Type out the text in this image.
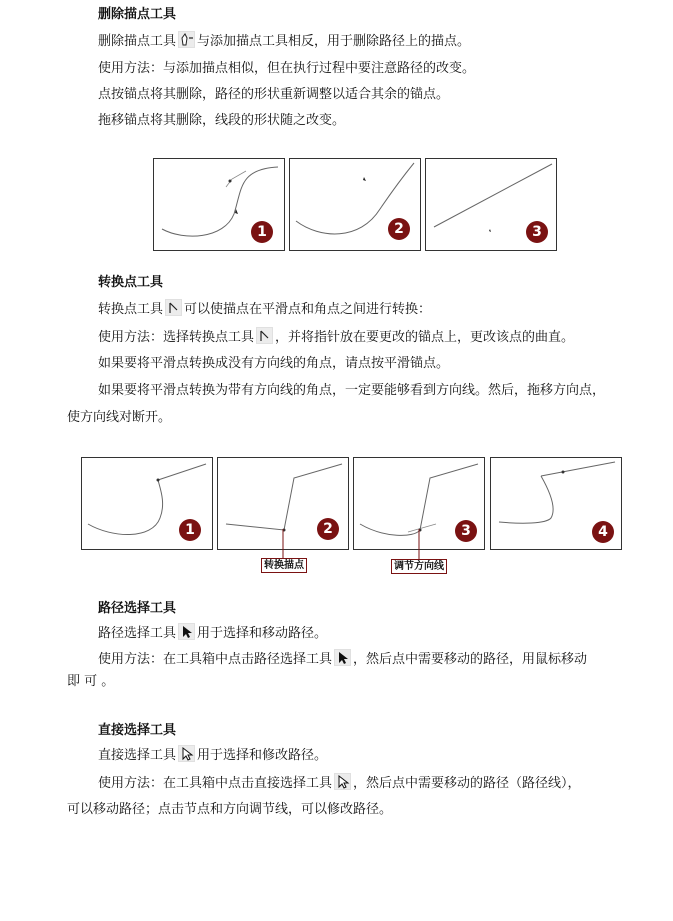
删除描点工具
删除描点工具 与添加描点工具相反，用于删除路径上的描点。
使用方法：与添加描点相似，但在执行过程中要注意路径的改变。
点按锚点将其删除，路径的形状重新调整以适合其余的锚点。
拖移锚点将其删除，线段的形状随之改变。
1	2	3
转换点工具
转换点工具 可以使描点在平滑点和角点之间进行转换：
使用方法：选择转换点工具 ，并将指针放在要更改的锚点上，更改该点的曲直。
如果要将平滑点转换成没有方向线的角点，请点按平滑锚点。
如果要将平滑点转换为带有方向线的角点，一定要能够看到方向线。然后，拖移方向点，
使方向线对断开。
1	2	3	4
转换描点	调节方向线
路径选择工具
路径选择工具 用于选择和移动路径。
使用方法：在工具箱中点击路径选择工具 ，然后点中需要移动的路径，用鼠标移动
即 可 。
直接选择工具
直接选择工具 用于选择和修改路径。
使用方法：在工具箱中点击直接选择工具 ，然后点中需要移动的路径（路径线），
可以移动路径；点击节点和方向调节线，可以修改路径。
